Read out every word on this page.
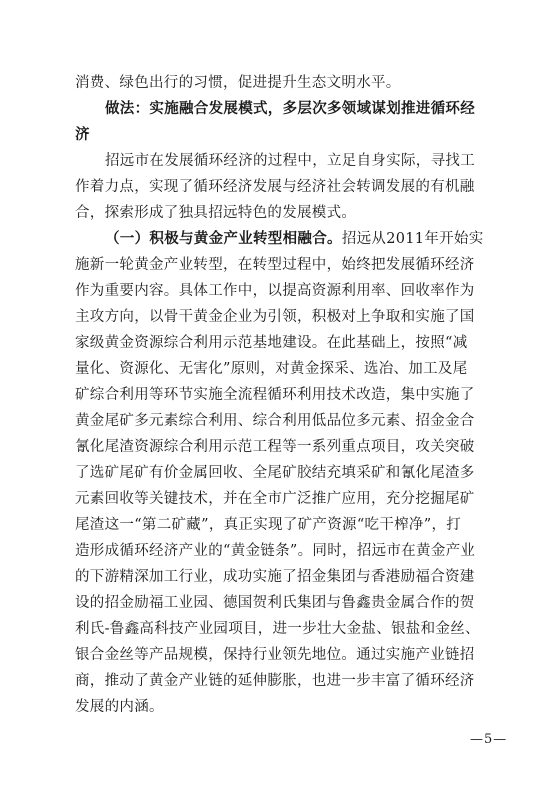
消费、绿色出行的习惯，促进提升生态文明水平。
做法：实施融合发展模式，多层次多领域谋划推进循环经
济
招远市在发展循环经济的过程中，立足自身实际，寻找工
作着力点，实现了循环经济发展与经济社会转调发展的有机融
合，探索形成了独具招远特色的发展模式。
（一）积极与黄金产业转型相融合。招远从2011年开始实
施新一轮黄金产业转型，在转型过程中，始终把发展循环经济
作为重要内容。具体工作中，以提高资源利用率、回收率作为
主攻方向，以骨干黄金企业为引领，积极对上争取和实施了国
家级黄金资源综合利用示范基地建设。在此基础上，按照“减
量化、资源化、无害化”原则，对黄金探采、选冶、加工及尾
矿综合利用等环节实施全流程循环利用技术改造，集中实施了
黄金尾矿多元素综合利用、综合利用低品位多元素、招金金合
氰化尾渣资源综合利用示范工程等一系列重点项目，攻关突破
了选矿尾矿有价金属回收、全尾矿胶结充填采矿和氰化尾渣多
元素回收等关键技术，并在全市广泛推广应用，充分挖掘尾矿
尾渣这一“第二矿藏”，真正实现了矿产资源“吃干榨净”，打
造形成循环经济产业的“黄金链条”。同时，招远市在黄金产业
的下游精深加工行业，成功实施了招金集团与香港励福合资建
设的招金励福工业园、德国贺利氏集团与鲁鑫贵金属合作的贺
利氏-鲁鑫高科技产业园项目，进一步壮大金盐、银盐和金丝、
银合金丝等产品规模，保持行业领先地位。通过实施产业链招
商，推动了黄金产业链的延伸膨胀，也进一步丰富了循环经济
发展的内涵。
—5—
